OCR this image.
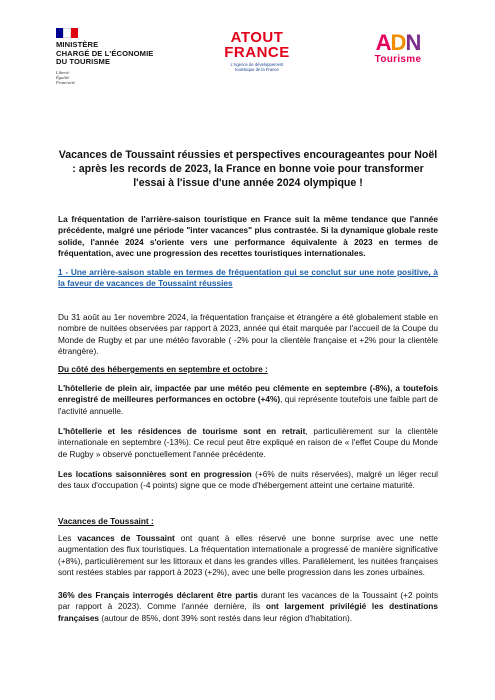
MINISTÈRE
CHARGÉ DE L'ÉCONOMIE
DU TOURISME
Liberté
Égalité
Fraternité
ATOUT
FRANCE
L'Agence de développement
touristique de la France
ADN
Tourisme
Vacances de Toussaint réussies et perspectives encourageantes pour Noël : après les records de 2023, la France en bonne voie pour transformer l'essai à l'issue d'une année 2024 olympique !
La fréquentation de l'arrière-saison touristique en France suit la même tendance que l'année précédente, malgré une période "inter vacances" plus contrastée. Si la dynamique globale reste solide, l'année 2024 s'oriente vers une performance équivalente à 2023 en termes de fréquentation, avec une progression des recettes touristiques internationales.
1 - Une arrière-saison stable en termes de fréquentation qui se conclut sur une note positive, à la faveur de vacances de Toussaint réussies
Du 31 août au 1er novembre 2024, la fréquentation française et étrangère a été globalement stable en nombre de nuitées observées par rapport à 2023, année qui était marquée par l'accueil de la Coupe du Monde de Rugby et par une météo favorable ( -2% pour la clientèle française et +2% pour la clientèle étrangère).
Du côté des hébergements en septembre et octobre :
L'hôtellerie de plein air, impactée par une météo peu clémente en septembre (-8%), a toutefois enregistré de meilleures performances en octobre (+4%), qui représente toutefois une faible part de l'activité annuelle.
L'hôtellerie et les résidences de tourisme sont en retrait, particulièrement sur la clientèle internationale en septembre (-13%). Ce recul peut être expliqué en raison de « l'effet Coupe du Monde de Rugby » observé ponctuellement l'année précédente.
Les locations saisonnières sont en progression (+6% de nuits réservées), malgré un léger recul des taux d'occupation (-4 points) signe que ce mode d'hébergement atteint une certaine maturité.
Vacances de Toussaint :
Les vacances de Toussaint ont quant à elles réservé une bonne surprise avec une nette augmentation des flux touristiques. La fréquentation internationale a progressé de manière significative (+8%), particulièrement sur les littoraux et dans les grandes villes. Parallèlement, les nuitées françaises sont restées stables par rapport à 2023 (+2%), avec une belle progression dans les zones urbaines.
36% des Français interrogés déclarent être partis durant les vacances de la Toussaint (+2 points par rapport à 2023). Comme l'année dernière, ils ont largement privilégié les destinations françaises (autour de 85%, dont 39% sont restés dans leur région d'habitation).
